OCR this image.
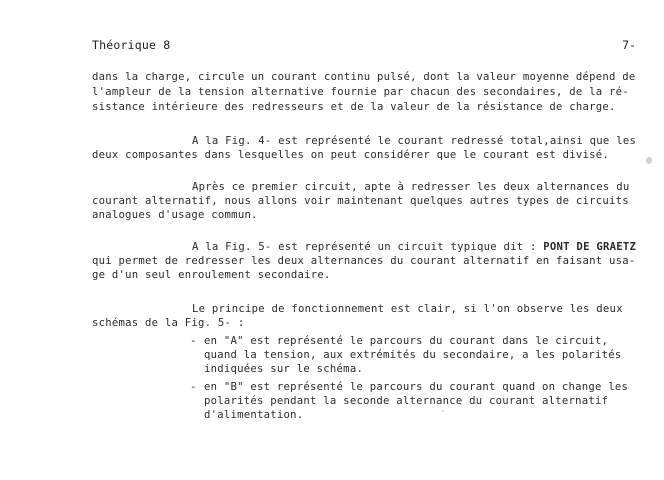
Théorique 8	7-
dans la charge, circule un courant continu pulsé, dont la valeur moyenne dépend de
l'ampleur de la tension alternative fournie par chacun des secondaires, de la ré-
sistance intérieure des redresseurs et de la valeur de la résistance de charge.
A la Fig. 4- est représenté le courant redressé total,ainsi que les
deux composantes dans lesquelles on peut considérer que le courant est divisé.
Après ce premier circuit, apte à redresser les deux alternances du
courant alternatif, nous allons voir maintenant quelques autres types de circuits
analogues d'usage commun.
A la Fig. 5- est représenté un circuit typique dit : PONT DE GRAETZ
qui permet de redresser les deux alternances du courant alternatif en faisant usa-
ge d'un seul enroulement secondaire.
Le principe de fonctionnement est clair, si l'on observe les deux
schémas de la Fig. 5- :
- en "A" est représenté le parcours du courant dans le circuit,
quand la tension, aux extrémités du secondaire, a les polarités
indiquées sur le schéma.
- en "B" est représenté le parcours du courant quand on change les
polarités pendant la seconde alternance du courant alternatif
d'alimentation.
